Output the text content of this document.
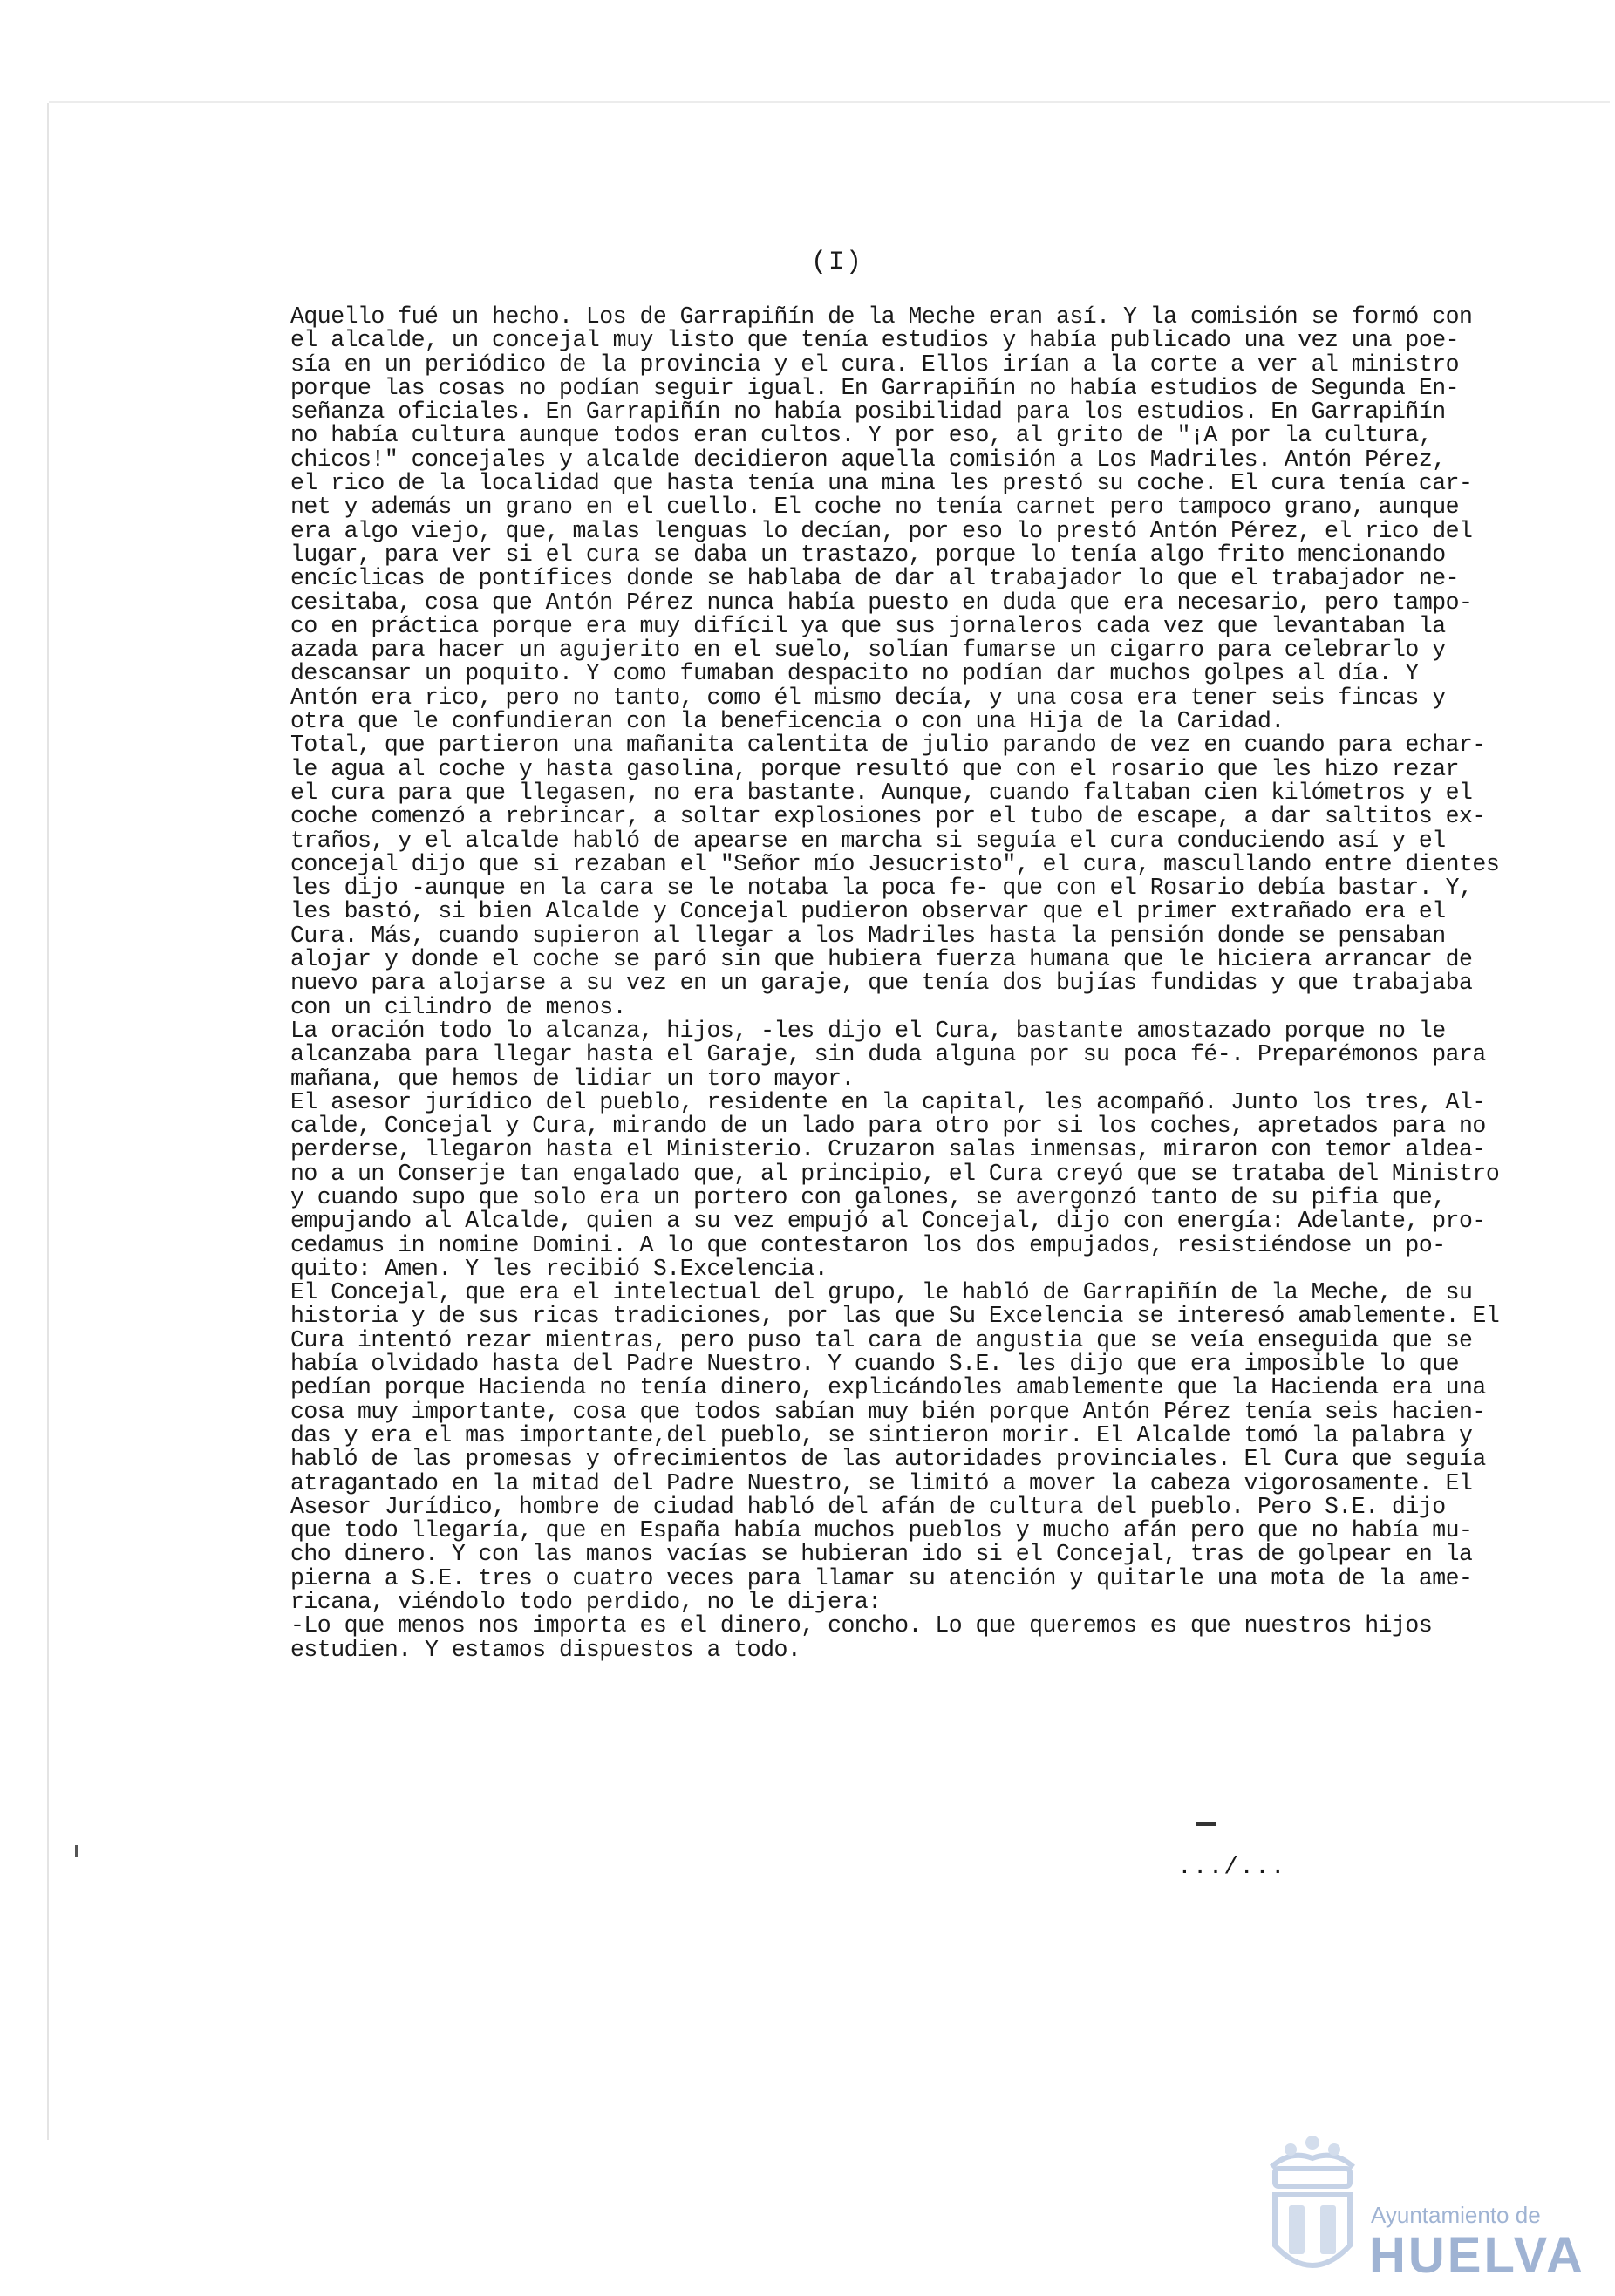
(I)
Aquello fué un hecho. Los de Garrapiñín de la Meche eran así. Y la comisión se formó con
el alcalde, un concejal muy listo que tenía estudios y había publicado una vez una poe-
sía en un periódico de la provincia y el cura. Ellos irían a la corte a ver al ministro
porque las cosas no podían seguir igual. En Garrapiñín no había estudios de Segunda En-
señanza oficiales. En Garrapiñín no había posibilidad para los estudios. En Garrapiñín
no había cultura aunque todos eran cultos. Y por eso, al grito de "¡A por la cultura,
chicos!" concejales y alcalde decidieron aquella comisión a Los Madriles. Antón Pérez,
el rico de la localidad que hasta tenía una mina les prestó su coche. El cura tenía car-
net y además un grano en el cuello. El coche no tenía carnet pero tampoco grano, aunque
era algo viejo, que, malas lenguas lo decían, por eso lo prestó Antón Pérez, el rico del
lugar, para ver si el cura se daba un trastazo, porque lo tenía algo frito mencionando
encíclicas de pontífices donde se hablaba de dar al trabajador lo que el trabajador ne-
cesitaba, cosa que Antón Pérez nunca había puesto en duda que era necesario, pero tampo-
co en práctica porque era muy difícil ya que sus jornaleros cada vez que levantaban la
azada para hacer un agujerito en el suelo, solían fumarse un cigarro para celebrarlo y
descansar un poquito. Y como fumaban despacito no podían dar muchos golpes al día. Y
Antón era rico, pero no tanto, como él mismo decía, y una cosa era tener seis fincas y
otra que le confundieran con la beneficencia o con una Hija de la Caridad.
Total, que partieron una mañanita calentita de julio parando de vez en cuando para echar-
le agua al coche y hasta gasolina, porque resultó que con el rosario que les hizo rezar
el cura para que llegasen, no era bastante. Aunque, cuando faltaban cien kilómetros y el
coche comenzó a rebrincar, a soltar explosiones por el tubo de escape, a dar saltitos ex-
traños, y el alcalde habló de apearse en marcha si seguía el cura conduciendo así y el
concejal dijo que si rezaban el "Señor mío Jesucristo", el cura, mascullando entre dientes
les dijo -aunque en la cara se le notaba la poca fe- que con el Rosario debía bastar. Y,
les bastó, si bien Alcalde y Concejal pudieron observar que el primer extrañado era el
Cura. Más, cuando supieron al llegar a los Madriles hasta la pensión donde se pensaban
alojar y donde el coche se paró sin que hubiera fuerza humana que le hiciera arrancar de
nuevo para alojarse a su vez en un garaje, que tenía dos bujías fundidas y que trabajaba
con un cilindro de menos.
La oración todo lo alcanza, hijos, -les dijo el Cura, bastante amostazado porque no le
alcanzaba para llegar hasta el Garaje, sin duda alguna por su poca fé-. Preparémonos para
mañana, que hemos de lidiar un toro mayor.
El asesor jurídico del pueblo, residente en la capital, les acompañó. Junto los tres, Al-
calde, Concejal y Cura, mirando de un lado para otro por si los coches, apretados para no
perderse, llegaron hasta el Ministerio. Cruzaron salas inmensas, miraron con temor aldea-
no a un Conserje tan engalado que, al principio, el Cura creyó que se trataba del Ministro
y cuando supo que solo era un portero con galones, se avergonzó tanto de su pifia que,
empujando al Alcalde, quien a su vez empujó al Concejal, dijo con energía: Adelante, pro-
cedamus in nomine Domini. A lo que contestaron los dos empujados, resistiéndose un po-
quito: Amen. Y les recibió S.Excelencia.
El Concejal, que era el intelectual del grupo, le habló de Garrapiñín de la Meche, de su
historia y de sus ricas tradiciones, por las que Su Excelencia se interesó amablemente. El
Cura intentó rezar mientras, pero puso tal cara de angustia que se veía enseguida que se
había olvidado hasta del Padre Nuestro. Y cuando S.E. les dijo que era imposible lo que
pedían porque Hacienda no tenía dinero, explicándoles amablemente que la Hacienda era una
cosa muy importante, cosa que todos sabían muy bién porque Antón Pérez tenía seis hacien-
das y era el mas importante,del pueblo, se sintieron morir. El Alcalde tomó la palabra y
habló de las promesas y ofrecimientos de las autoridades provinciales. El Cura que seguía
atragantado en la mitad del Padre Nuestro, se limitó a mover la cabeza vigorosamente. El
Asesor Jurídico, hombre de ciudad habló del afán de cultura del pueblo. Pero S.E. dijo
que todo llegaría, que en España había muchos pueblos y mucho afán pero que no había mu-
cho dinero. Y con las manos vacías se hubieran ido si el Concejal, tras de golpear en la
pierna a S.E. tres o cuatro veces para llamar su atención y quitarle una mota de la ame-
ricana, viéndolo todo perdido, no le dijera:
-Lo que menos nos importa es el dinero, concho. Lo que queremos es que nuestros hijos
estudien. Y estamos dispuestos a todo.
.../...
Ayuntamiento de
HUELVA
